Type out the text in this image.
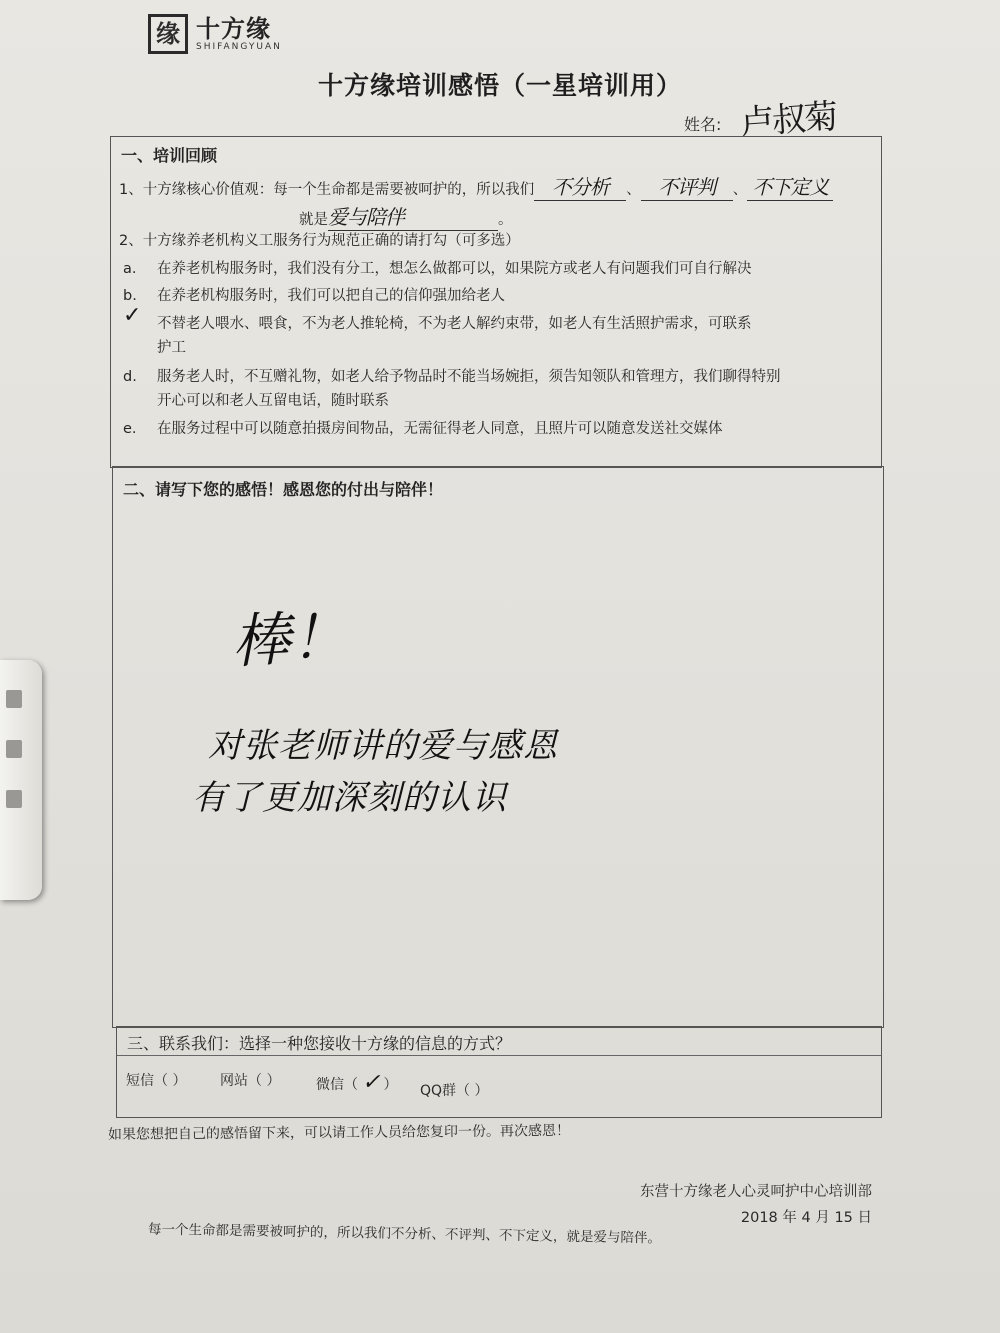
缘 十方缘
SHIFANGYUAN
十方缘培训感悟（一星培训用）
姓名: 卢叔菊
一、培训回顾
1、十方缘核心价值观：每一个生命都是需要被呵护的，所以我们 不分析 、 不评判 、 不下定义
就是爱与陪伴	。
2、十方缘养老机构义工服务行为规范正确的请打勾（可多选）
a. 在养老机构服务时，我们没有分工，想怎么做都可以，如果院方或老人有问题我们可自行解决
b. 在养老机构服务时，我们可以把自己的信仰强加给老人
不替老人喂水、喂食，不为老人推轮椅，不为老人解约束带，如老人有生活照护需求，可联系
✓
护工
d. 服务老人时，不互赠礼物，如老人给予物品时不能当场婉拒，须告知领队和管理方，我们聊得特别
开心可以和老人互留电话，随时联系
e. 在服务过程中可以随意拍摄房间物品，无需征得老人同意，且照片可以随意发送社交媒体
二、请写下您的感悟！感恩您的付出与陪伴！
棒！
对张老师讲的爱与感恩
有了更加深刻的认识
三、联系我们：选择一种您接收十方缘的信息的方式？
短信（ ） 网站（ ）	微信（ ✓ ） QQ群（ ）
如果您想把自己的感悟留下来，可以请工作人员给您复印一份。再次感恩！
东营十方缘老人心灵呵护中心培训部
2018 年 4 月 15 日
每一个生命都是需要被呵护的，所以我们不分析、不评判、不下定义，就是爱与陪伴。
